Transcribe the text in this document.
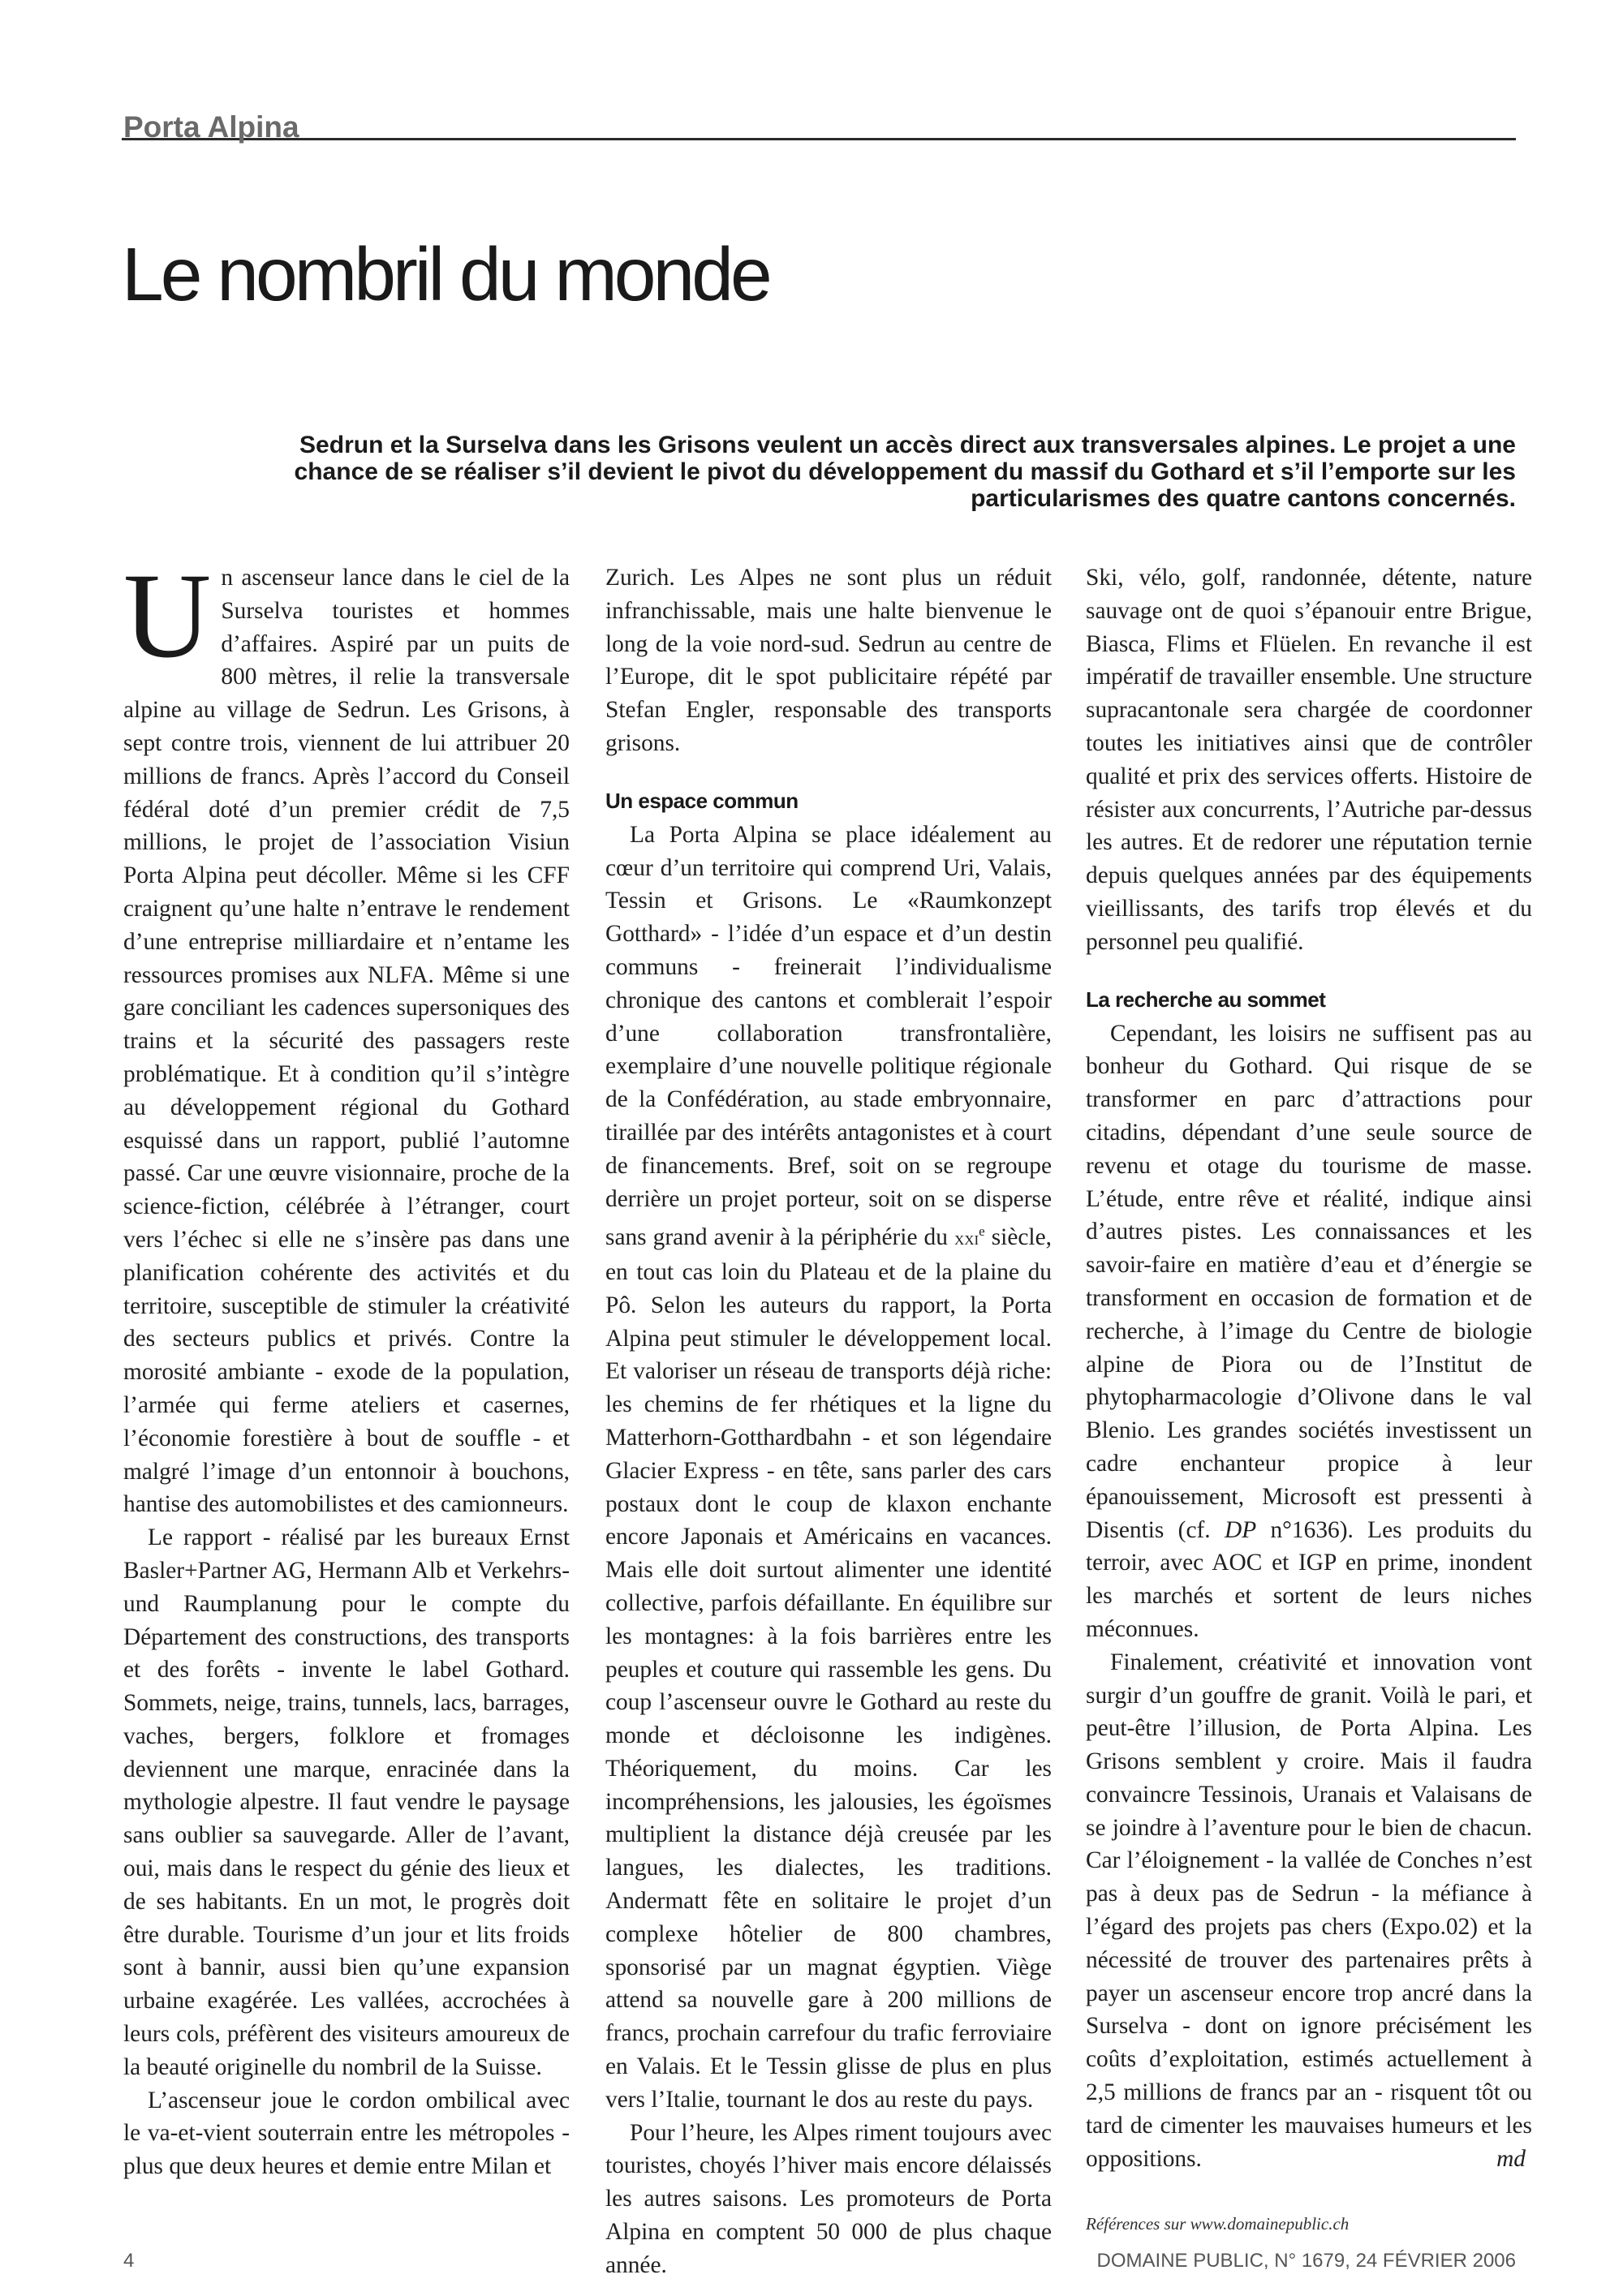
Porta Alpina
Le nombril du monde

Sedrun et la Surselva dans les Grisons veulent un accès direct aux transversales alpines. Le projet a une chance de se réaliser s’il devient le pivot du développement du massif du Gothard et s’il l’emporte sur les particularismes des quatre cantons concernés.

Un ascenseur lance dans le ciel de la Surselva touristes et hommes d’affaires. Aspiré par un puits de 800 mètres, il relie la transversale alpine au village de Sedrun. Les Grisons, à sept contre trois, viennent de lui attribuer 20 millions de francs. Après l’accord du Conseil fédéral doté d’un premier crédit de 7,5 millions, le projet de l’association Visiun Porta Alpina peut décoller. Même si les CFF craignent qu’une halte n’entrave le rendement d’une entreprise milliardaire et n’entame les ressources promises aux NLFA. Même si une gare conciliant les cadences supersoniques des trains et la sécurité des passagers reste problématique. Et à condition qu’il s’intègre au développement régional du Gothard esquissé dans un rapport, publié l’automne passé. Car une œuvre visionnaire, proche de la science-fiction, célébrée à l’étranger, court vers l’échec si elle ne s’insère pas dans une planification cohérente des activités et du territoire, susceptible de stimuler la créativité des secteurs publics et privés. Contre la morosité ambiante - exode de la population, l’armée qui ferme ateliers et casernes, l’économie forestière à bout de souffle - et malgré l’image d’un entonnoir à bouchons, hantise des automobilistes et des camionneurs.

Le rapport - réalisé par les bureaux Ernst Basler+Partner AG, Hermann Alb et Verkehrs- und Raumplanung pour le compte du Département des constructions, des transports et des forêts - invente le label Gothard. Sommets, neige, trains, tunnels, lacs, barrages, vaches, bergers, folklore et fromages deviennent une marque, enracinée dans la mythologie alpestre. Il faut vendre le paysage sans oublier sa sauvegarde. Aller de l’avant, oui, mais dans le respect du génie des lieux et de ses habitants. En un mot, le progrès doit être durable. Tourisme d’un jour et lits froids sont à bannir, aussi bien qu’une expansion urbaine exagérée. Les vallées, accrochées à leurs cols, préfèrent des visiteurs amoureux de la beauté originelle du nombril de la Suisse.

L’ascenseur joue le cordon ombilical avec le va-et-vient souterrain entre les métropoles - plus que deux heures et demie entre Milan et

Zurich. Les Alpes ne sont plus un réduit infranchissable, mais une halte bienvenue le long de la voie nord-sud. Sedrun au centre de l’Europe, dit le spot publicitaire répété par Stefan Engler, responsable des transports grisons.

Un espace commun

La Porta Alpina se place idéalement au cœur d’un territoire qui comprend Uri, Valais, Tessin et Grisons. Le «Raumkonzept Gotthard» - l’idée d’un espace et d’un destin communs - freinerait l’individualisme chronique des cantons et comblerait l’espoir d’une collaboration transfrontalière, exemplaire d’une nouvelle politique régionale de la Confédération, au stade embryonnaire, tiraillée par des intérêts antagonistes et à court de financements. Bref, soit on se regroupe derrière un projet porteur, soit on se disperse sans grand avenir à la périphérie du xxi$^e$ siècle, en tout cas loin du Plateau et de la plaine du Pô. Selon les auteurs du rapport, la Porta Alpina peut stimuler le développement local. Et valoriser un réseau de transports déjà riche: les chemins de fer rhétiques et la ligne du Matterhorn-Gotthardbahn - et son légendaire Glacier Express - en tête, sans parler des cars postaux dont le coup de klaxon enchante encore Japonais et Américains en vacances. Mais elle doit surtout alimenter une identité collective, parfois défaillante. En équilibre sur les montagnes: à la fois barrières entre les peuples et couture qui rassemble les gens. Du coup l’ascenseur ouvre le Gothard au reste du monde et décloisonne les indigènes. Théoriquement, du moins. Car les incompréhensions, les jalousies, les égoïsmes multiplient la distance déjà creusée par les langues, les dialectes, les traditions. Andermatt fête en solitaire le projet d’un complexe hôtelier de 800 chambres, sponsorisé par un magnat égyptien. Viège attend sa nouvelle gare à 200 millions de francs, prochain carrefour du trafic ferroviaire en Valais. Et le Tessin glisse de plus en plus vers l’Italie, tournant le dos au reste du pays.

Pour l’heure, les Alpes riment toujours avec touristes, choyés l’hiver mais encore délaissés les autres saisons. Les promoteurs de Porta Alpina en comptent 50 000 de plus chaque année.

Ski, vélo, golf, randonnée, détente, nature sauvage ont de quoi s’épanouir entre Brigue, Biasca, Flims et Flüelen. En revanche il est impératif de travailler ensemble. Une structure supracantonale sera chargée de coordonner toutes les initiatives ainsi que de contrôler qualité et prix des services offerts. Histoire de résister aux concurrents, l’Autriche par-dessus les autres. Et de redorer une réputation ternie depuis quelques années par des équipements vieillissants, des tarifs trop élevés et du personnel peu qualifié.

La recherche au sommet

Cependant, les loisirs ne suffisent pas au bonheur du Gothard. Qui risque de se transformer en parc d’attractions pour citadins, dépendant d’une seule source de revenu et otage du tourisme de masse. L’étude, entre rêve et réalité, indique ainsi d’autres pistes. Les connaissances et les savoir-faire en matière d’eau et d’énergie se transforment en occasion de formation et de recherche, à l’image du Centre de biologie alpine de Piora ou de l’Institut de phytopharmacologie d’Olivone dans le val Blenio. Les grandes sociétés investissent un cadre enchanteur propice à leur épanouissement, Microsoft est pressenti à Disentis (cf. DP n°1636). Les produits du terroir, avec AOC et IGP en prime, inondent les marchés et sortent de leurs niches méconnues.

Finalement, créativité et innovation vont surgir d’un gouffre de granit. Voilà le pari, et peut-être l’illusion, de Porta Alpina. Les Grisons semblent y croire. Mais il faudra convaincre Tessinois, Uranais et Valaisans de se joindre à l’aventure pour le bien de chacun. Car l’éloignement - la vallée de Conches n’est pas à deux pas de Sedrun - la méfiance à l’égard des projets pas chers (Expo.02) et la nécessité de trouver des partenaires prêts à payer un ascenseur encore trop ancré dans la Surselva - dont on ignore précisément les coûts d’exploitation, estimés actuellement à 2,5 millions de francs par an - risquent tôt ou tard de cimenter les mauvaises humeurs et les oppositions.	md

Références sur www.domainepublic.ch

4	DOMAINE PUBLIC, N° 1679, 24 FÉVRIER 2006
